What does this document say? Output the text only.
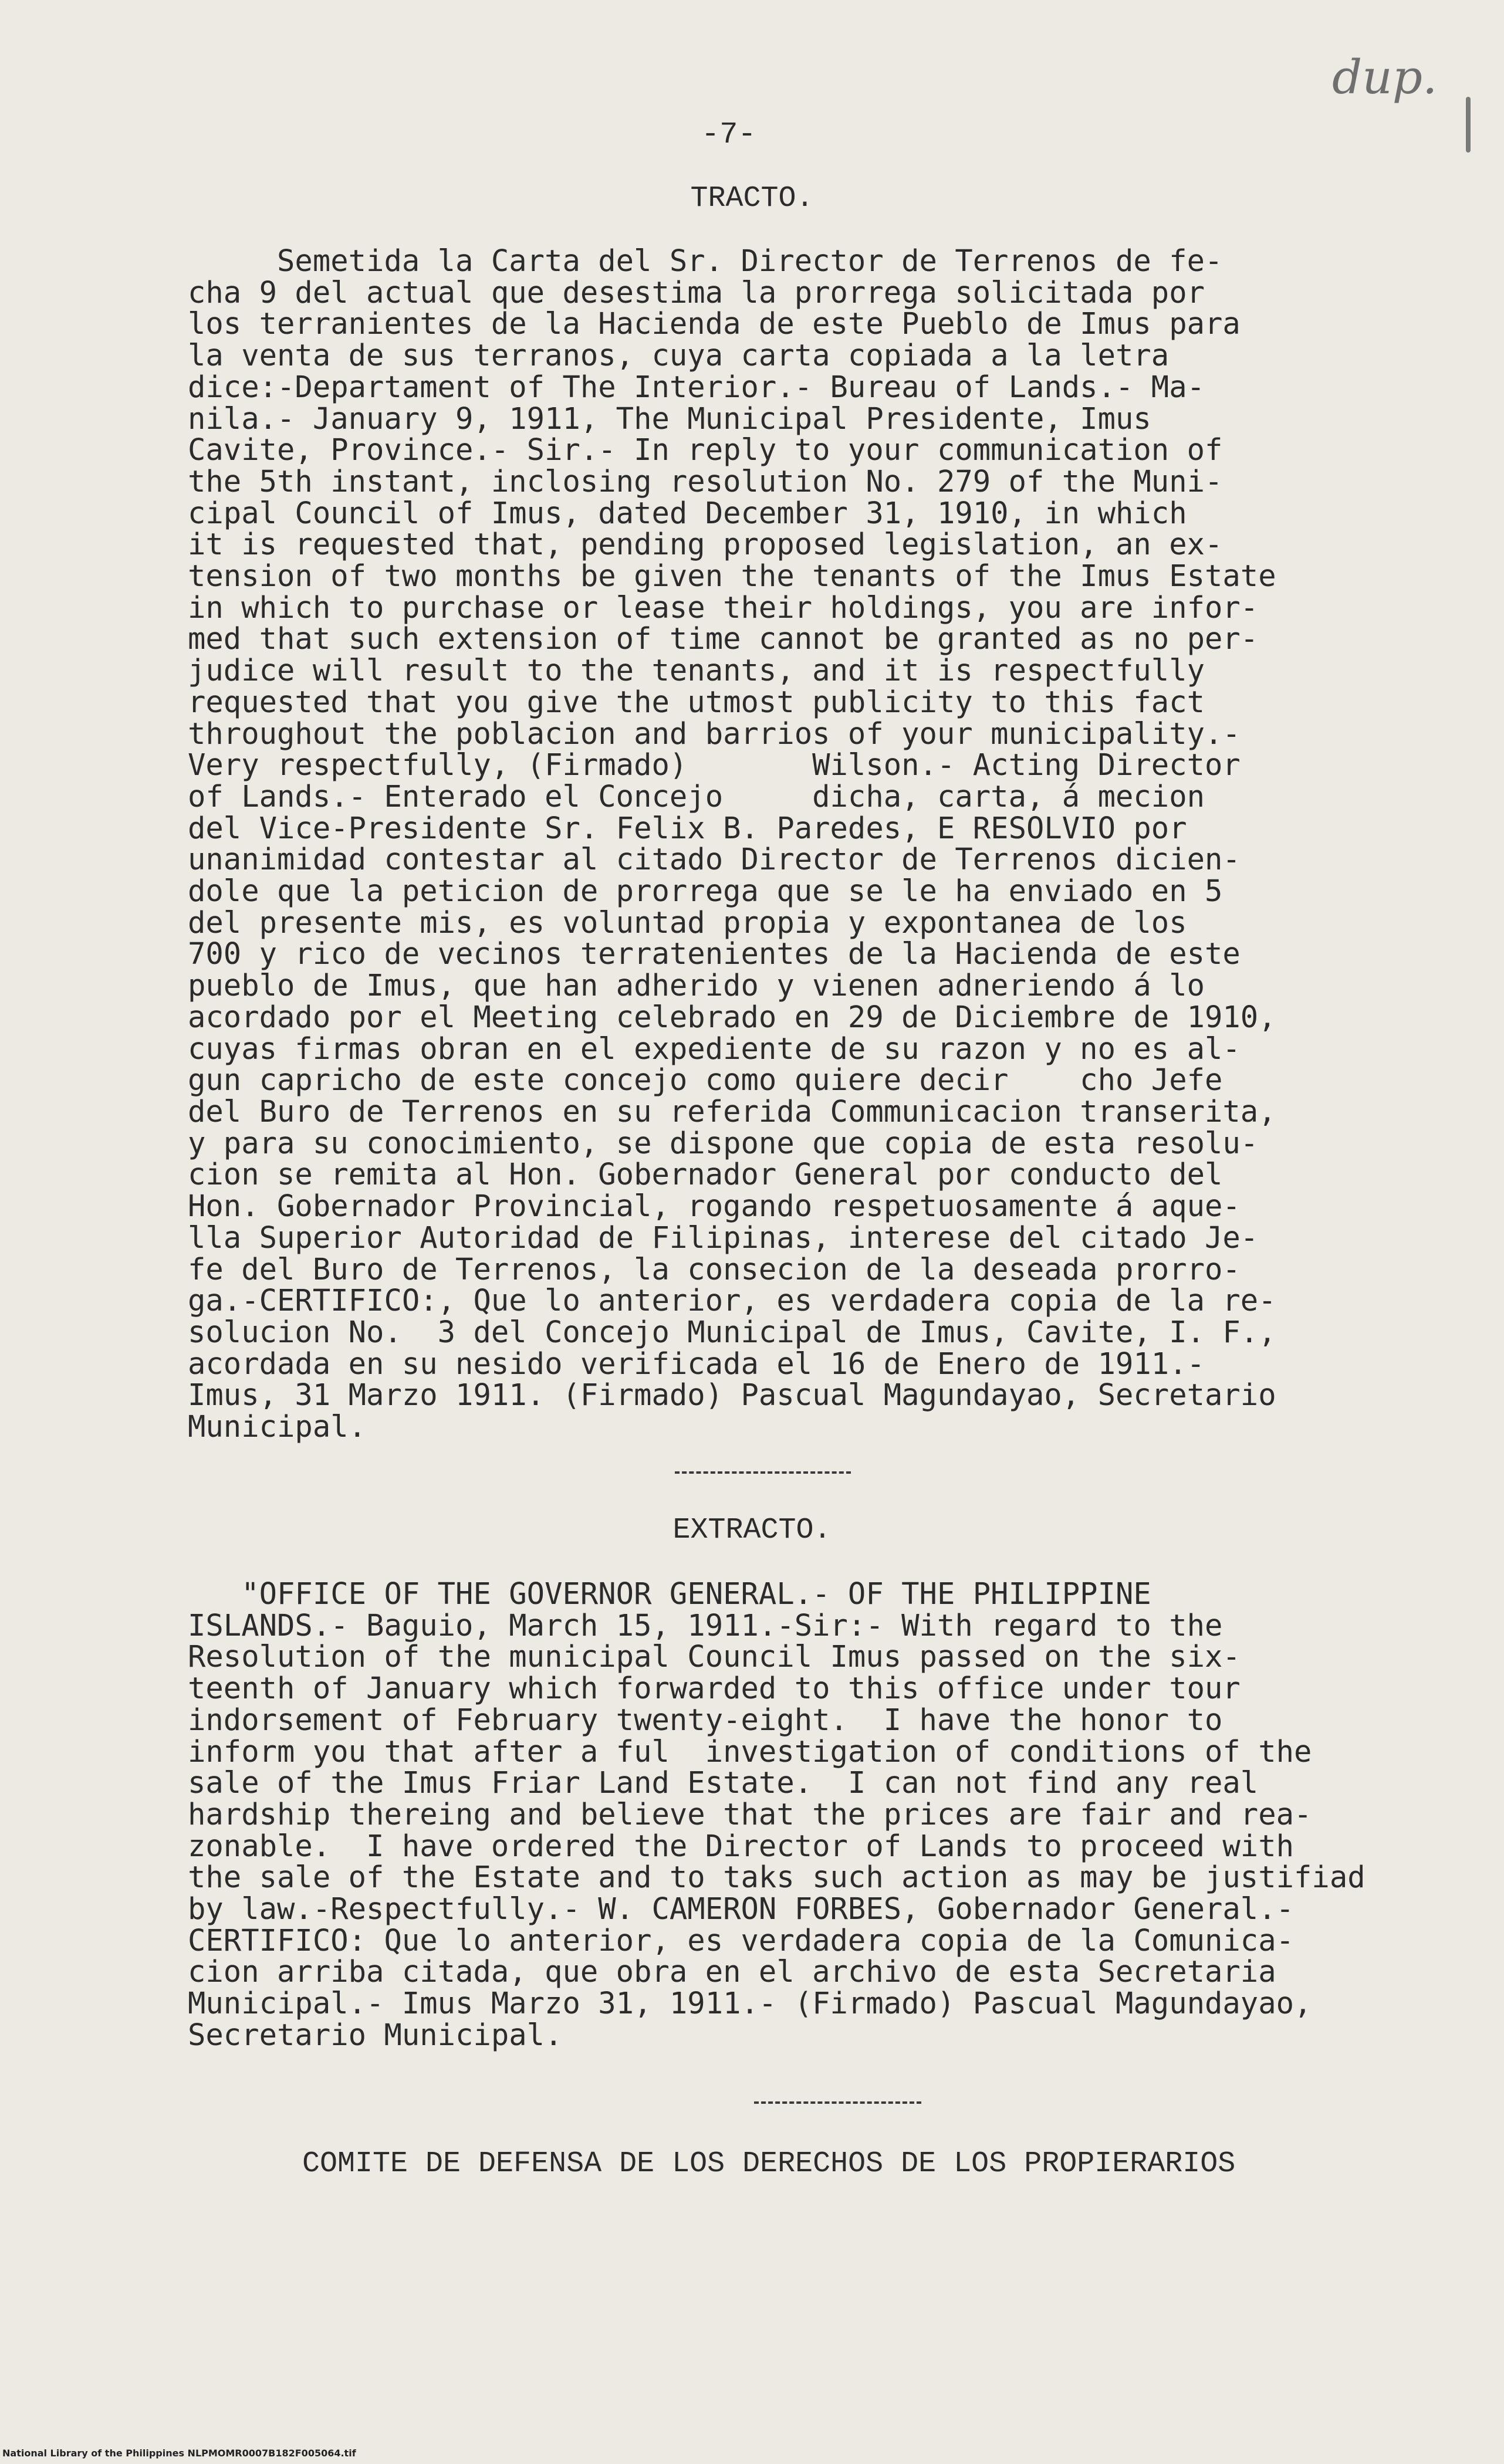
dup.
-7-
TRACTO.
Semetida la Carta del Sr. Director de Terrenos de fe-
cha 9 del actual que desestima la prorrega solicitada por
los terranientes de la Hacienda de este Pueblo de Imus para
la venta de sus terranos, cuya carta copiada a la letra
dice:-Departament of The Interior.- Bureau of Lands.- Ma-
nila.- January 9, 1911, The Municipal Presidente, Imus
Cavite, Province.- Sir.- In reply to your communication of
the 5th instant, inclosing resolution No. 279 of the Muni-
cipal Council of Imus, dated December 31, 1910, in which
it is requested that, pending proposed legislation, an ex-
tension of two months be given the tenants of the Imus Estate
in which to purchase or lease their holdings, you are infor-
med that such extension of time cannot be granted as no per-
judice will result to the tenants, and it is respectfully
requested that you give the utmost publicity to this fact
throughout the poblacion and barrios of your municipality.-
Very respectfully, (Firmado)       Wilson.- Acting Director
of Lands.- Enterado el Concejo     dicha, carta, á mecion
del Vice-Presidente Sr. Felix B. Paredes, E RESOLVIO por
unanimidad contestar al citado Director de Terrenos dicien-
dole que la peticion de prorrega que se le ha enviado en 5
del presente mis, es voluntad propia y expontanea de los
700 y rico de vecinos terratenientes de la Hacienda de este
pueblo de Imus, que han adherido y vienen adneriendo á lo
acordado por el Meeting celebrado en 29 de Diciembre de 1910,
cuyas firmas obran en el expediente de su razon y no es al-
gun capricho de este concejo como quiere decir    cho Jefe
del Buro de Terrenos en su referida Communicacion transerita,
y para su conocimiento, se dispone que copia de esta resolu-
cion se remita al Hon. Gobernador General por conducto del
Hon. Gobernador Provincial, rogando respetuosamente á aque-
lla Superior Autoridad de Filipinas, interese del citado Je-
fe del Buro de Terrenos, la consecion de la deseada prorro-
ga.-CERTIFICO:, Que lo anterior, es verdadera copia de la re-
solucion No.  3 del Concejo Municipal de Imus, Cavite, I. F.,
acordada en su nesido verificada el 16 de Enero de 1911.-
Imus, 31 Marzo 1911. (Firmado) Pascual Magundayao, Secretario
Municipal.
EXTRACTO.
"OFFICE OF THE GOVERNOR GENERAL.- OF THE PHILIPPINE
ISLANDS.- Baguio, March 15, 1911.-Sir:- With regard to the
Resolution of the municipal Council Imus passed on the six-
teenth of January which forwarded to this office under tour
indorsement of February twenty-eight.  I have the honor to
inform you that after a ful  investigation of conditions of the
sale of the Imus Friar Land Estate.  I can not find any real
hardship thereing and believe that the prices are fair and rea-
zonable.  I have ordered the Director of Lands to proceed with
the sale of the Estate and to taks such action as may be justifiad
by law.-Respectfully.- W. CAMERON FORBES, Gobernador General.-
CERTIFICO: Que lo anterior, es verdadera copia de la Comunica-
cion arriba citada, que obra en el archivo de esta Secretaria
Municipal.- Imus Marzo 31, 1911.- (Firmado) Pascual Magundayao,
Secretario Municipal.
COMITE DE DEFENSA DE LOS DERECHOS DE LOS PROPIERARIOS
National Library of the Philippines NLPMOMR0007B182F005064.tif
